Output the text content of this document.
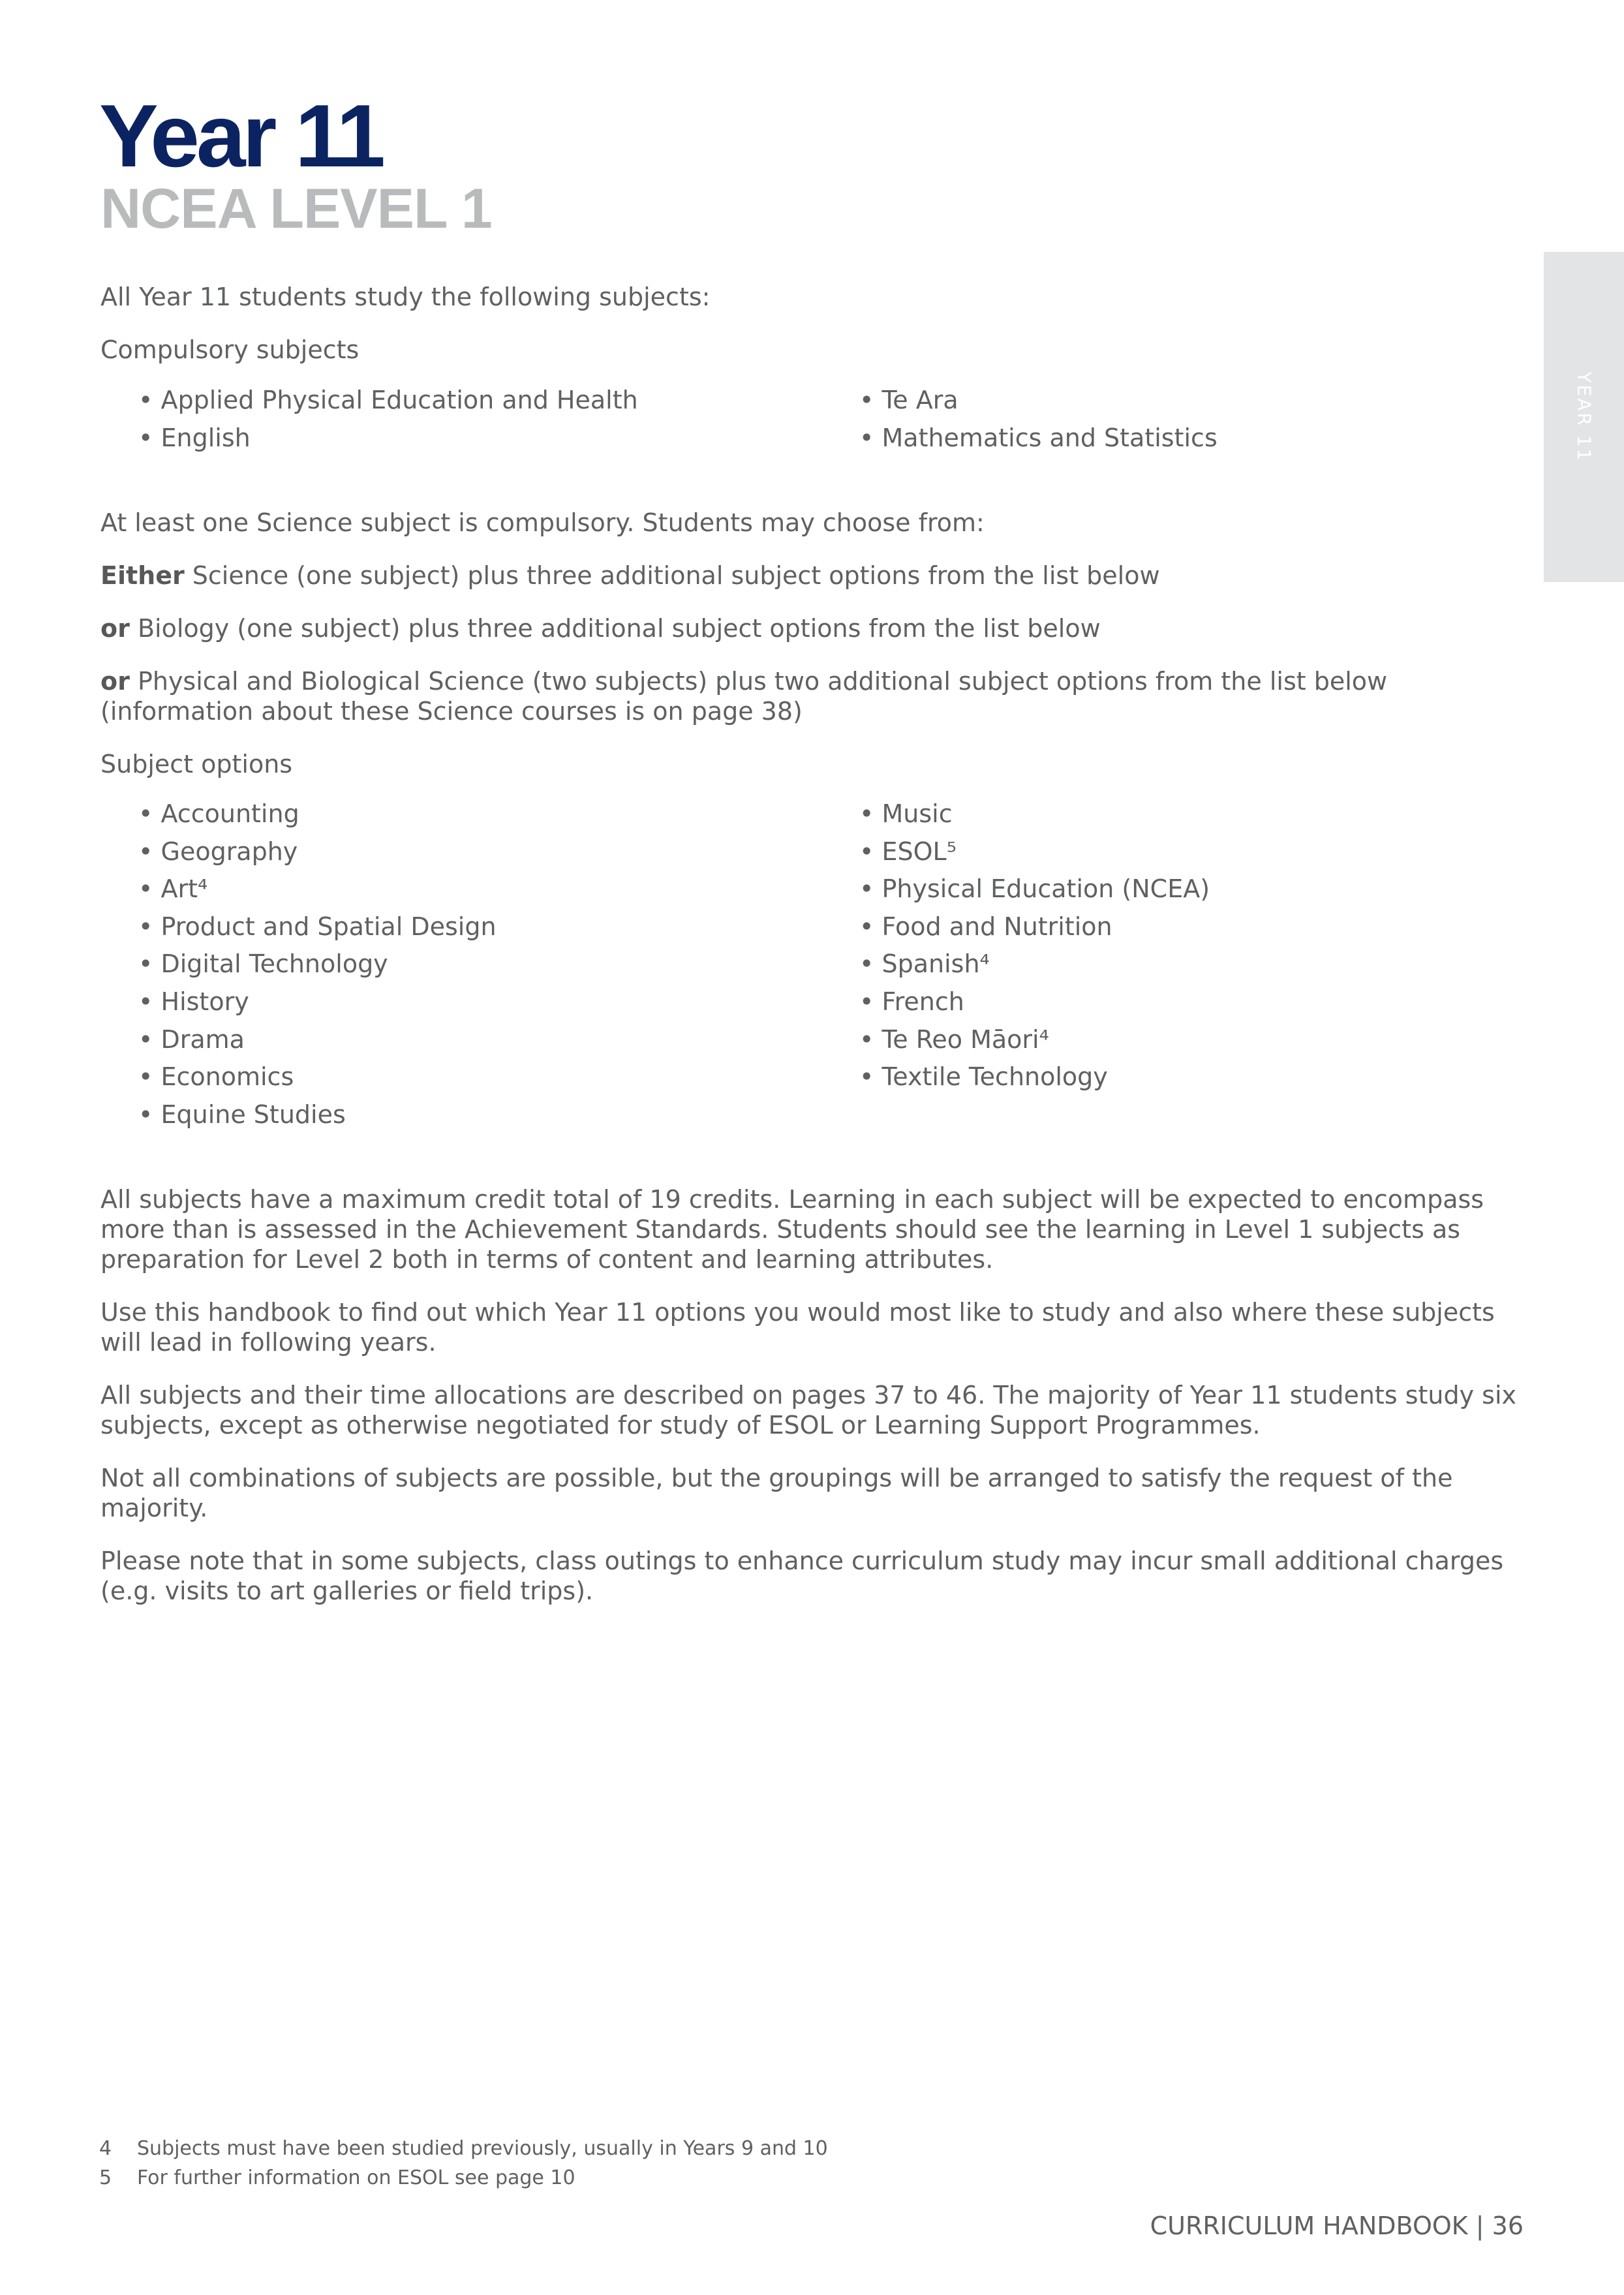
Year 11
NCEA LEVEL 1
YEAR 11

All Year 11 students study the following subjects:

Compulsory subjects

• Applied Physical Education and Health
• English
• Te Ara
• Mathematics and Statistics

At least one Science subject is compulsory. Students may choose from:

Either Science (one subject) plus three additional subject options from the list below

or Biology (one subject) plus three additional subject options from the list below

or Physical and Biological Science (two subjects) plus two additional subject options from the list below (information about these Science courses is on page 38)

Subject options

• Accounting
• Geography
• Art⁴
• Product and Spatial Design
• Digital Technology
• History
• Drama
• Economics
• Equine Studies
• Music
• ESOL⁵
• Physical Education (NCEA)
• Food and Nutrition
• Spanish⁴
• French
• Te Reo Māori⁴
• Textile Technology

All subjects have a maximum credit total of 19 credits. Learning in each subject will be expected to encompass more than is assessed in the Achievement Standards. Students should see the learning in Level 1 subjects as preparation for Level 2 both in terms of content and learning attributes.

Use this handbook to find out which Year 11 options you would most like to study and also where these subjects will lead in following years.

All subjects and their time allocations are described on pages 37 to 46. The majority of Year 11 students study six subjects, except as otherwise negotiated for study of ESOL or Learning Support Programmes.

Not all combinations of subjects are possible, but the groupings will be arranged to satisfy the request of the majority.

Please note that in some subjects, class outings to enhance curriculum study may incur small additional charges (e.g. visits to art galleries or field trips).

4	Subjects must have been studied previously, usually in Years 9 and 10
5	For further information on ESOL see page 10
CURRICULUM HANDBOOK | 36
